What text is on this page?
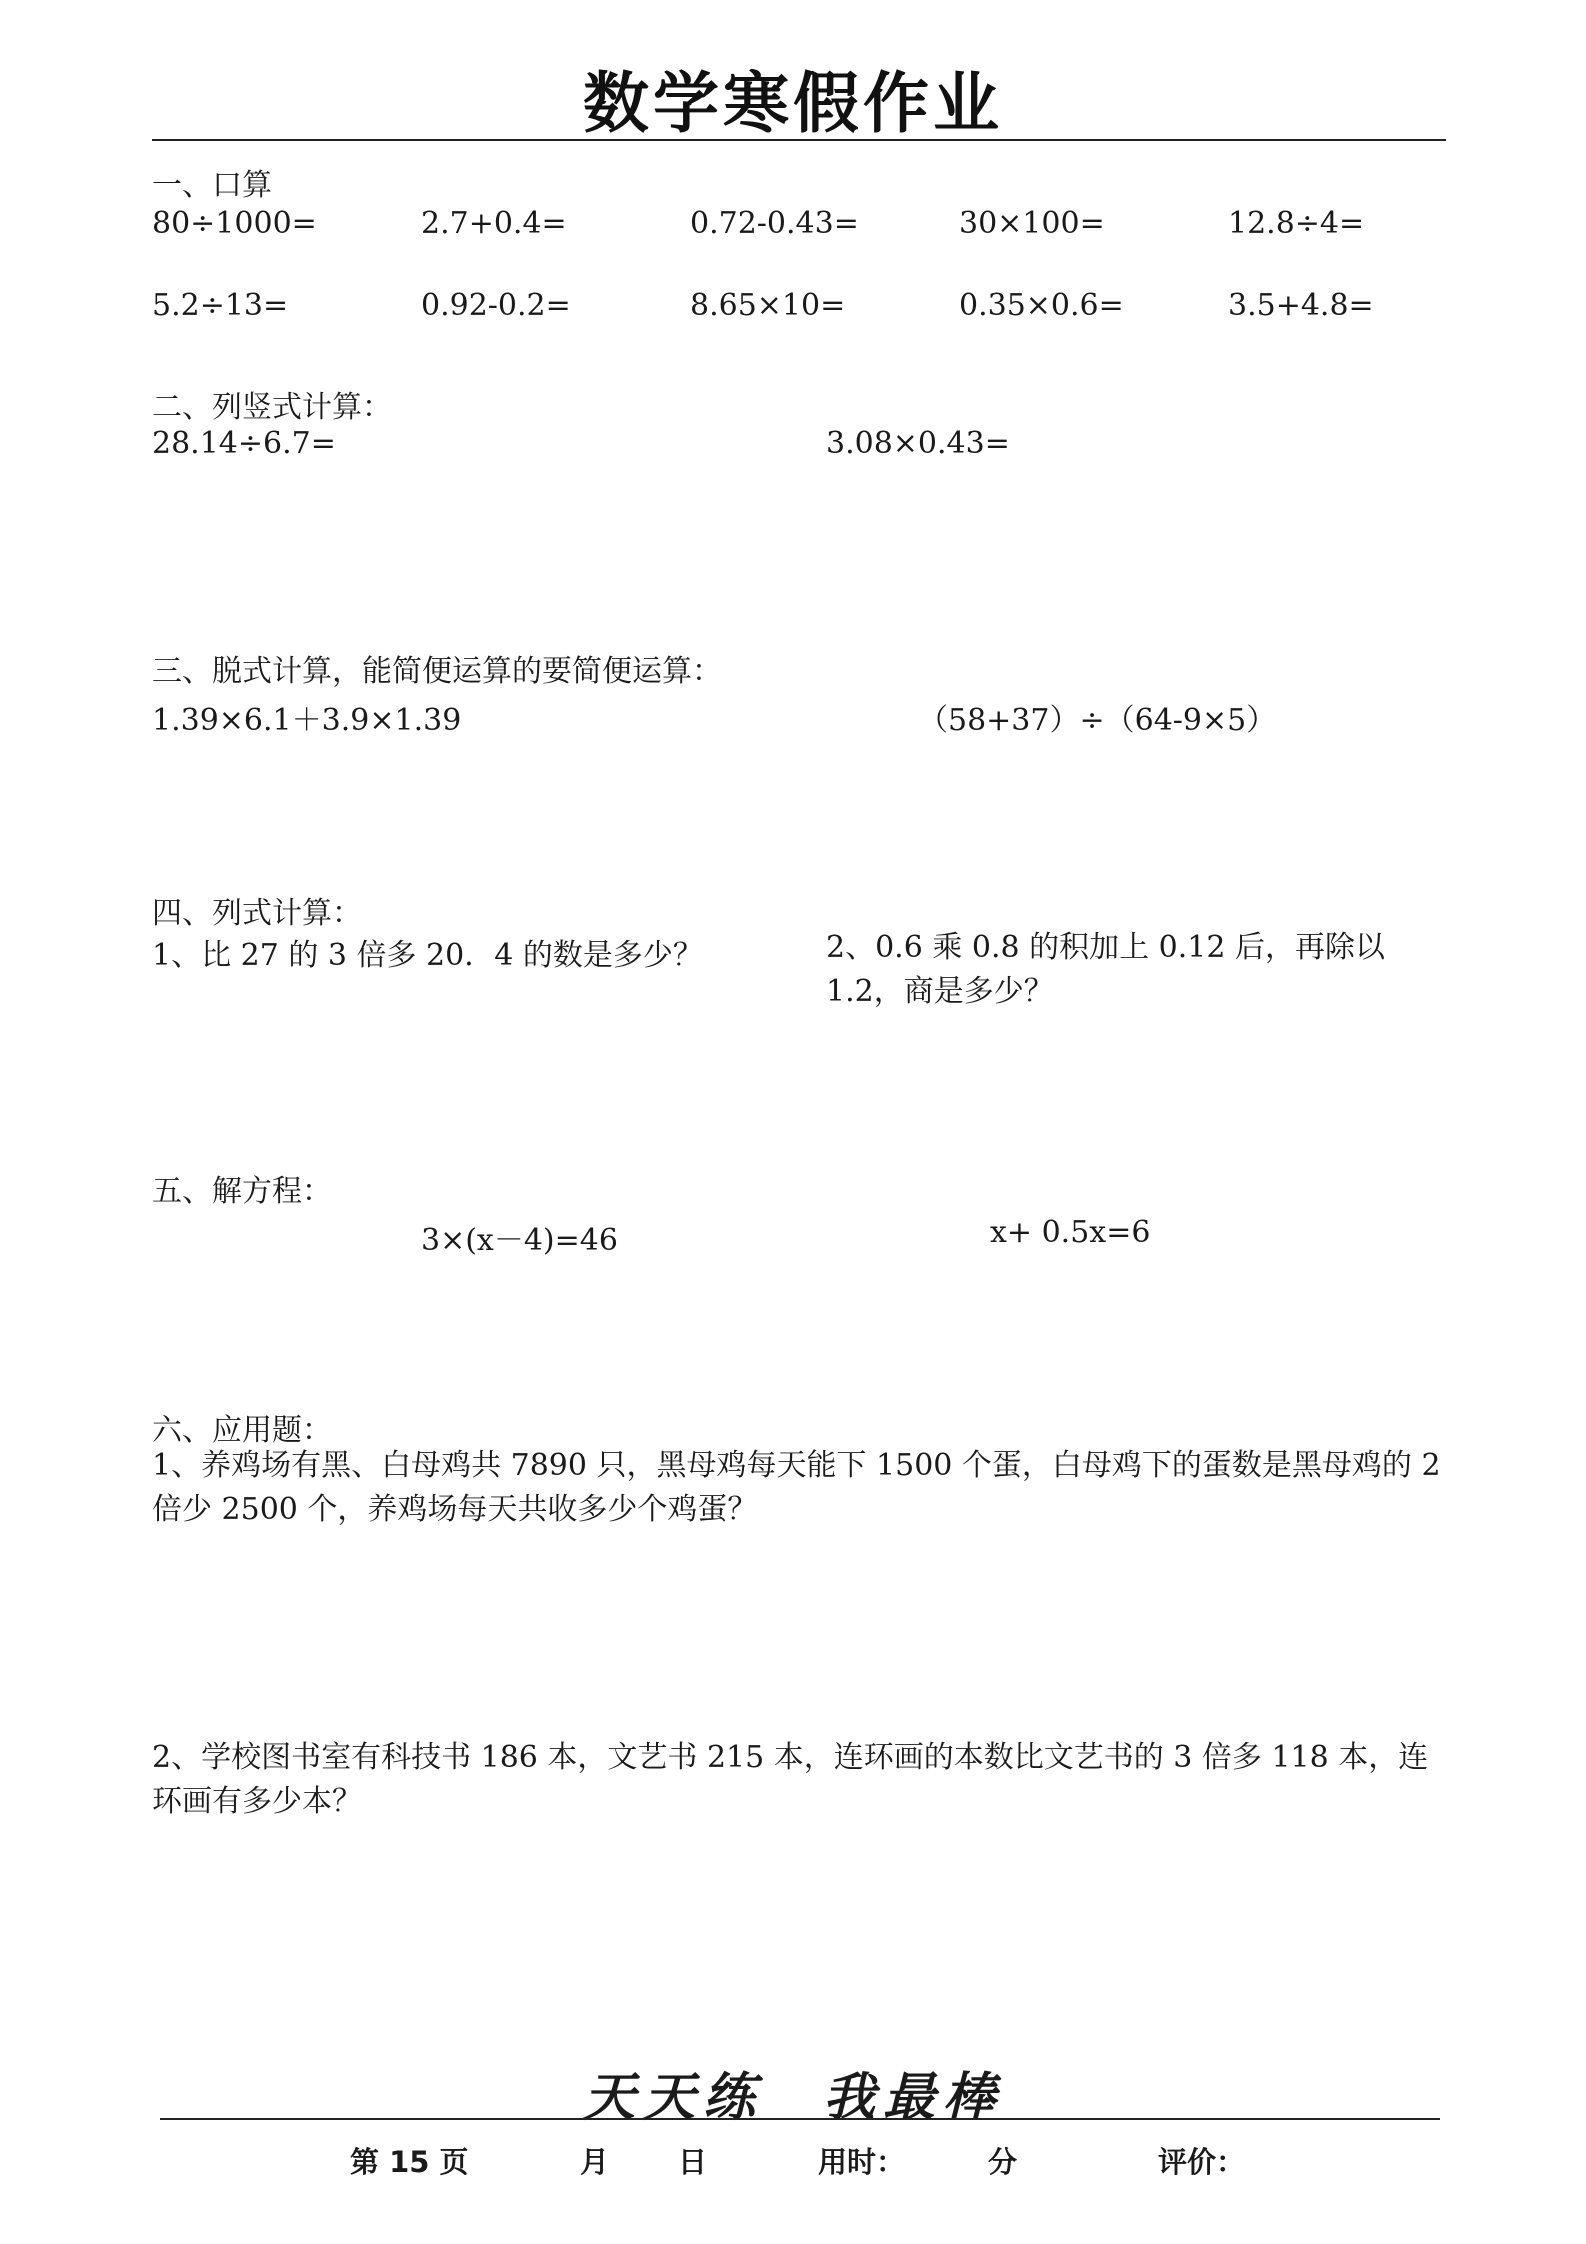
数学寒假作业
一、口算
80÷1000=	2.7+0.4=	0.72-0.43=	30×100=	12.8÷4=
5.2÷13=	0.92-0.2=	8.65×10=	0.35×0.6=	3.5+4.8=
二、列竖式计算：
28.14÷6.7=	3.08×0.43=
三、脱式计算，能简便运算的要简便运算：
1.39×6.1＋3.9×1.39	（58+37）÷（64-9×5）
四、列式计算：
1、比 27 的 3 倍多 20．4 的数是多少？	2、0.6 乘 0.8 的积加上 0.12 后，再除以 1.2，商是多少？
五、解方程：
3×(x－4)=46	x+ 0.5x=6
六、应用题：
1、养鸡场有黑、白母鸡共 7890 只，黑母鸡每天能下 1500 个蛋，白母鸡下的蛋数是黑母鸡的 2 倍少 2500 个，养鸡场每天共收多少个鸡蛋？
2、学校图书室有科技书 186 本，文艺书 215 本，连环画的本数比文艺书的 3 倍多 118 本，连环画有多少本？
天天练 我最棒
第 15 页	月 日	用时：	分	评价：
